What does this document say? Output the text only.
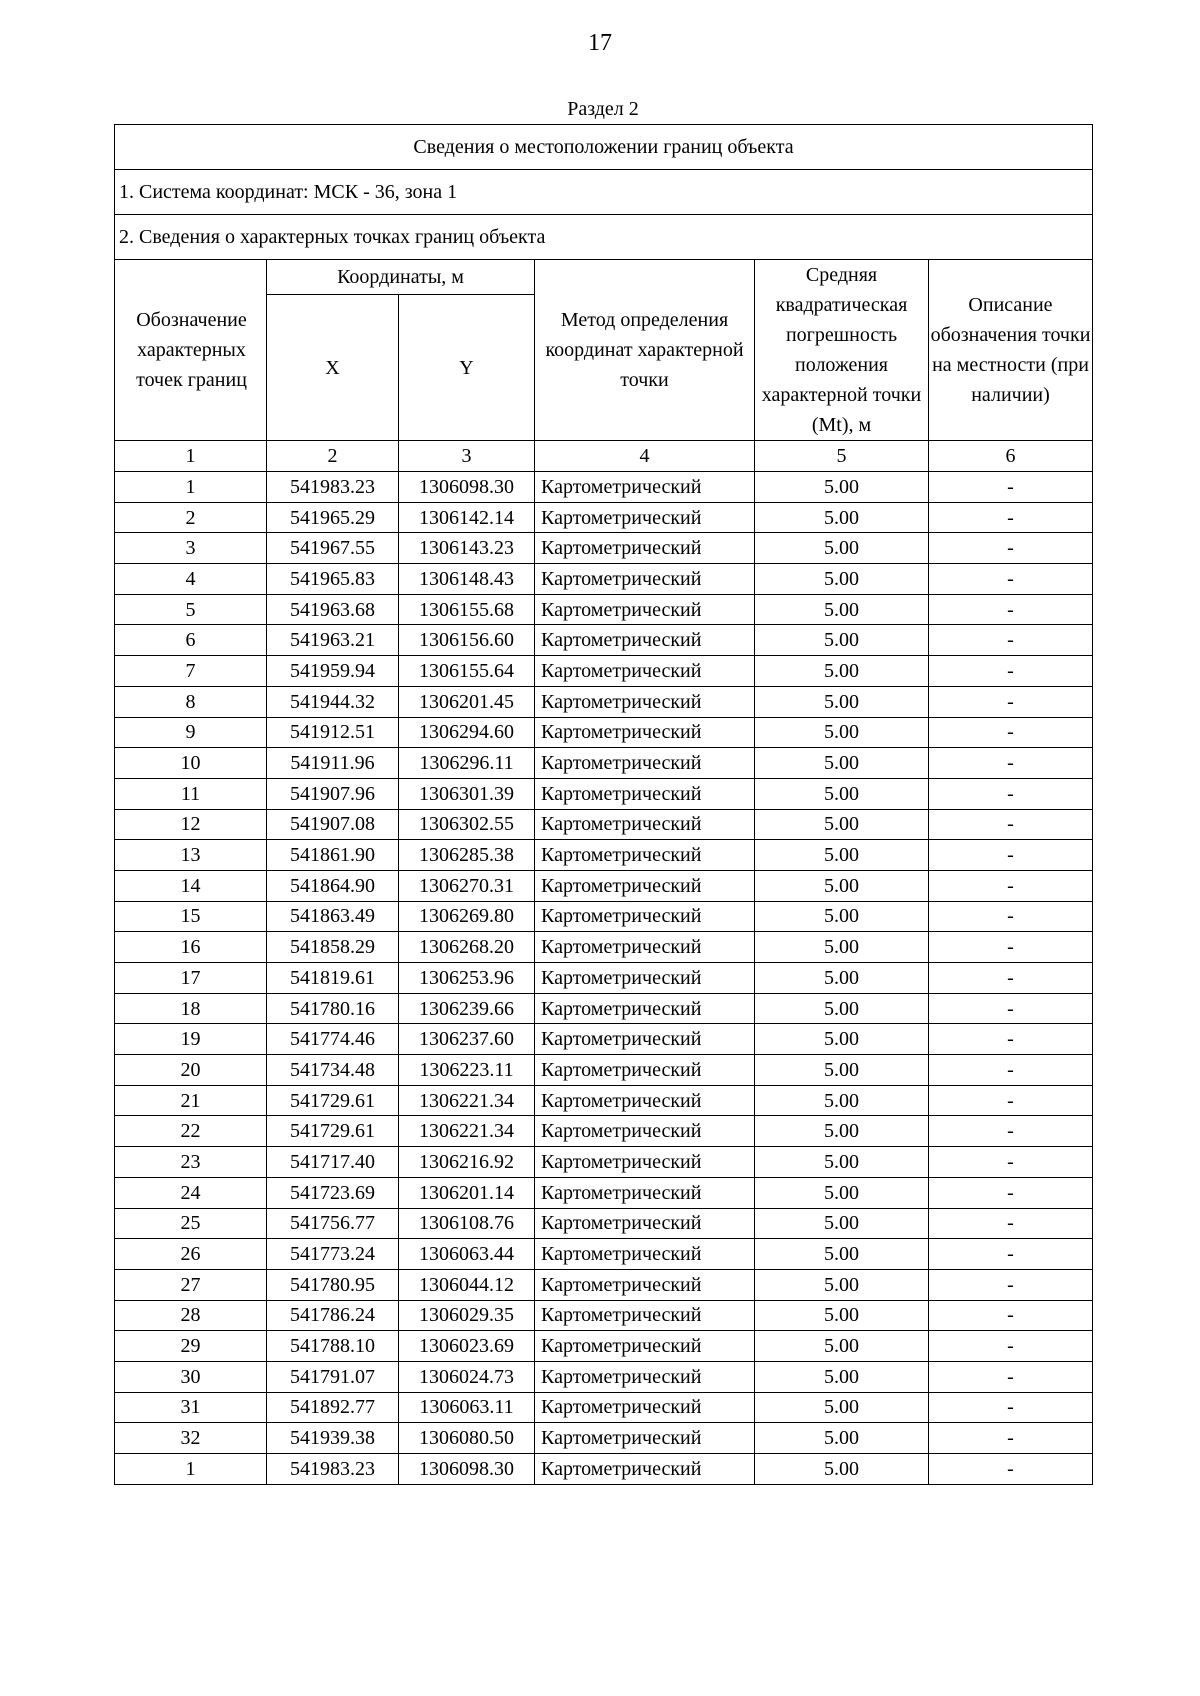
17
Раздел 2
Сведения о местоположении границ объекта					
1. Система координат: МСК - 36, зона 1					
2. Сведения о характерных точках границ объекта					
Обозначение характерных точек границ	Координаты, м		Метод определения координат характерной точки	Средняя квадратическая погрешность положения характерной точки (Mt), м	Описание обозначения точки на местности (при наличии)
	X	Y			
1	2	3	4	5	6
1	541983.23	1306098.30	Картометрический	5.00	-
2	541965.29	1306142.14	Картометрический	5.00	-
3	541967.55	1306143.23	Картометрический	5.00	-
4	541965.83	1306148.43	Картометрический	5.00	-
5	541963.68	1306155.68	Картометрический	5.00	-
6	541963.21	1306156.60	Картометрический	5.00	-
7	541959.94	1306155.64	Картометрический	5.00	-
8	541944.32	1306201.45	Картометрический	5.00	-
9	541912.51	1306294.60	Картометрический	5.00	-
10	541911.96	1306296.11	Картометрический	5.00	-
11	541907.96	1306301.39	Картометрический	5.00	-
12	541907.08	1306302.55	Картометрический	5.00	-
13	541861.90	1306285.38	Картометрический	5.00	-
14	541864.90	1306270.31	Картометрический	5.00	-
15	541863.49	1306269.80	Картометрический	5.00	-
16	541858.29	1306268.20	Картометрический	5.00	-
17	541819.61	1306253.96	Картометрический	5.00	-
18	541780.16	1306239.66	Картометрический	5.00	-
19	541774.46	1306237.60	Картометрический	5.00	-
20	541734.48	1306223.11	Картометрический	5.00	-
21	541729.61	1306221.34	Картометрический	5.00	-
22	541729.61	1306221.34	Картометрический	5.00	-
23	541717.40	1306216.92	Картометрический	5.00	-
24	541723.69	1306201.14	Картометрический	5.00	-
25	541756.77	1306108.76	Картометрический	5.00	-
26	541773.24	1306063.44	Картометрический	5.00	-
27	541780.95	1306044.12	Картометрический	5.00	-
28	541786.24	1306029.35	Картометрический	5.00	-
29	541788.10	1306023.69	Картометрический	5.00	-
30	541791.07	1306024.73	Картометрический	5.00	-
31	541892.77	1306063.11	Картометрический	5.00	-
32	541939.38	1306080.50	Картометрический	5.00	-
1	541983.23	1306098.30	Картометрический	5.00	-
